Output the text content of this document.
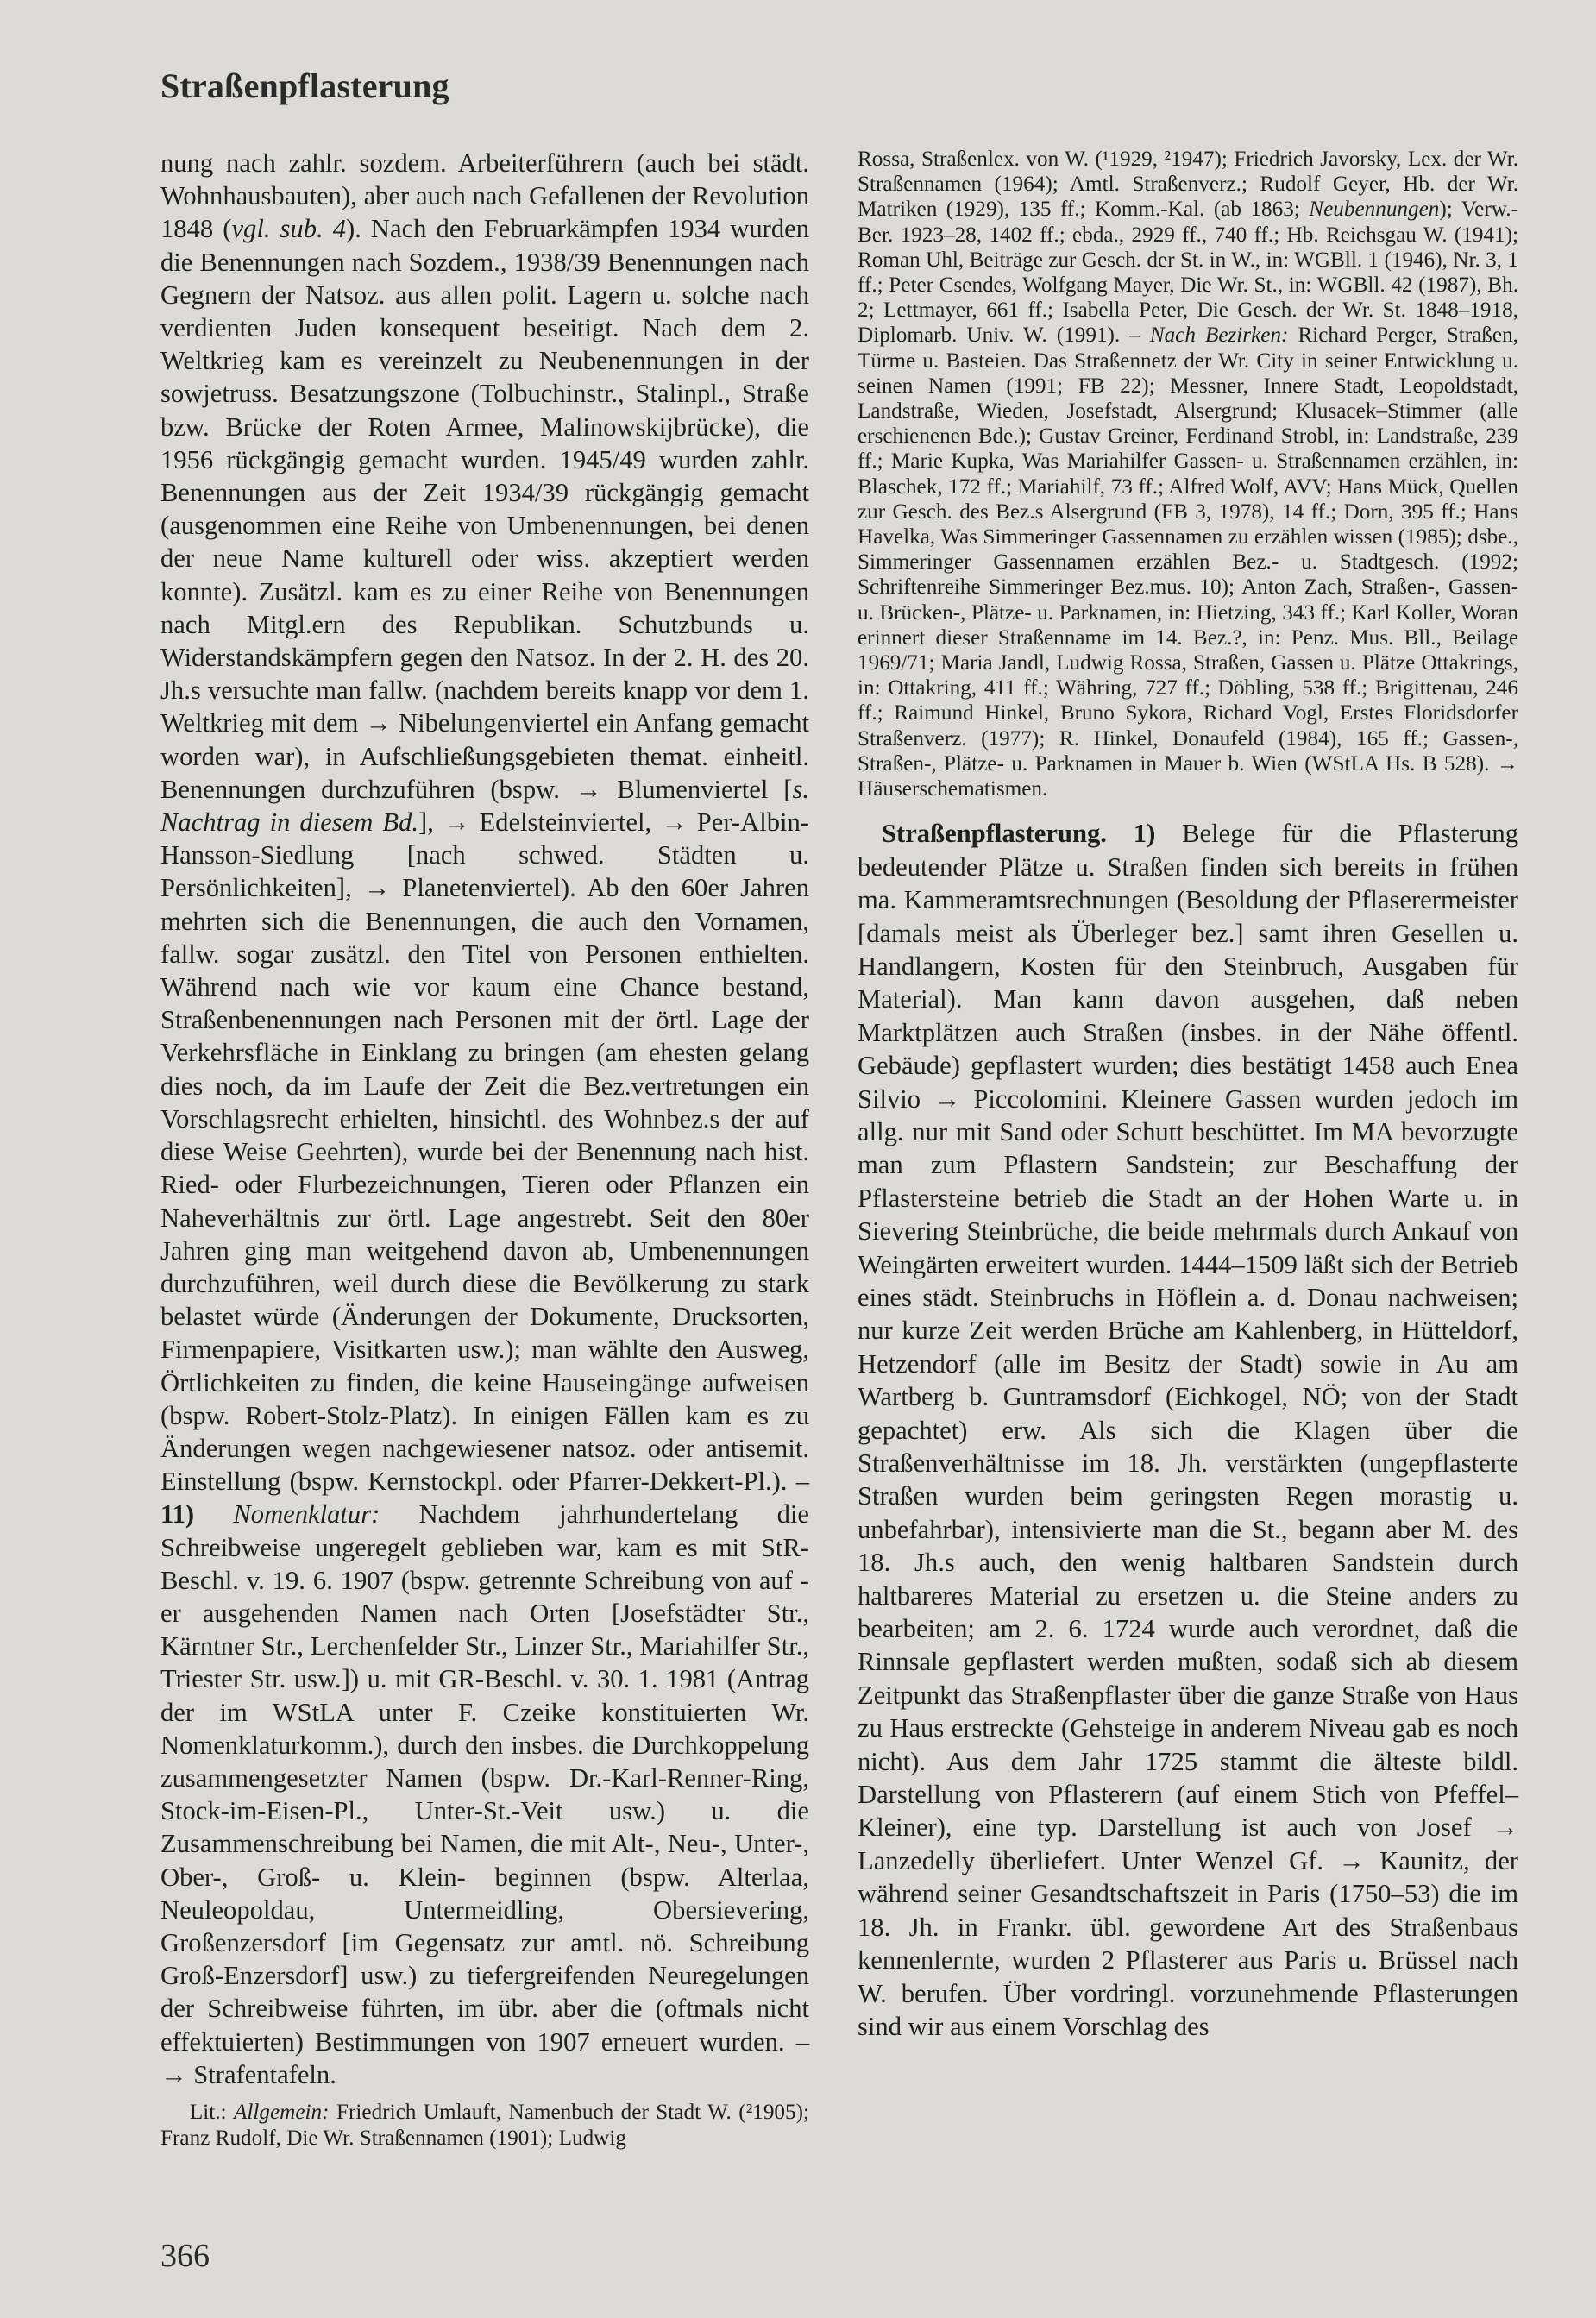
Straßenpflasterung

nung nach zahlr. sozdem. Arbeiterführern (auch bei städt. Wohnhausbauten), aber auch nach Gefallenen der Revolution 1848 (vgl. sub. 4). Nach den Februarkämpfen 1934 wurden die Benennungen nach Sozdem., 1938/39 Benennungen nach Gegnern der Natsoz. aus allen polit. Lagern u. solche nach verdienten Juden konsequent beseitigt. Nach dem 2. Weltkrieg kam es vereinzelt zu Neubenennungen in der sowjetruss. Besatzungszone (Tolbuchinstr., Stalinpl., Straße bzw. Brücke der Roten Armee, Malinowskijbrücke), die 1956 rückgängig gemacht wurden. 1945/49 wurden zahlr. Benennungen aus der Zeit 1934/39 rückgängig gemacht (ausgenommen eine Reihe von Umbenennungen, bei denen der neue Name kulturell oder wiss. akzeptiert werden konnte). Zusätzl. kam es zu einer Reihe von Benennungen nach Mitgl.ern des Republikan. Schutzbunds u. Widerstandskämpfern gegen den Natsoz. In der 2. H. des 20. Jh.s versuchte man fallw. (nachdem bereits knapp vor dem 1. Weltkrieg mit dem → Nibelungenviertel ein Anfang gemacht worden war), in Aufschließungsgebieten themat. einheitl. Benennungen durchzuführen (bspw. → Blumenviertel [s. Nachtrag in diesem Bd.], → Edelsteinviertel, → Per-Albin-Hansson-Siedlung [nach schwed. Städten u. Persönlichkeiten], → Planetenviertel). Ab den 60er Jahren mehrten sich die Benennungen, die auch den Vornamen, fallw. sogar zusätzl. den Titel von Personen enthielten. Während nach wie vor kaum eine Chance bestand, Straßenbenennungen nach Personen mit der örtl. Lage der Verkehrsfläche in Einklang zu bringen (am ehesten gelang dies noch, da im Laufe der Zeit die Bez.vertretungen ein Vorschlagsrecht erhielten, hinsichtl. des Wohnbez.s der auf diese Weise Geehrten), wurde bei der Benennung nach hist. Ried- oder Flurbezeichnungen, Tieren oder Pflanzen ein Naheverhältnis zur örtl. Lage angestrebt. Seit den 80er Jahren ging man weitgehend davon ab, Umbenennungen durchzuführen, weil durch diese die Bevölkerung zu stark belastet würde (Änderungen der Dokumente, Drucksorten, Firmenpapiere, Visitkarten usw.); man wählte den Ausweg, Örtlichkeiten zu finden, die keine Hauseingänge aufweisen (bspw. Robert-Stolz-Platz). In einigen Fällen kam es zu Änderungen wegen nachgewiesener natsoz. oder antisemit. Einstellung (bspw. Kernstockpl. oder Pfarrer-Dekkert-Pl.). – 11) Nomenklatur: Nachdem jahrhundertelang die Schreibweise ungeregelt geblieben war, kam es mit StR-Beschl. v. 19. 6. 1907 (bspw. getrennte Schreibung von auf -er ausgehenden Namen nach Orten [Josefstädter Str., Kärntner Str., Lerchenfelder Str., Linzer Str., Mariahilfer Str., Triester Str. usw.]) u. mit GR-Beschl. v. 30. 1. 1981 (Antrag der im WStLA unter F. Czeike konstituierten Wr. Nomenklaturkomm.), durch den insbes. die Durchkoppelung zusammengesetzter Namen (bspw. Dr.-Karl-Renner-Ring, Stock-im-Eisen-Pl., Unter-St.-Veit usw.) u. die Zusammenschreibung bei Namen, die mit Alt-, Neu-, Unter-, Ober-, Groß- u. Klein- beginnen (bspw. Alterlaa, Neuleopoldau, Untermeidling, Obersievering, Großenzersdorf [im Gegensatz zur amtl. nö. Schreibung Groß-Enzersdorf] usw.) zu tiefergreifenden Neuregelungen der Schreibweise führten, im übr. aber die (oftmals nicht effektuierten) Bestimmungen von 1907 erneuert wurden. – → Strafentafeln.

Lit.: Allgemein: Friedrich Umlauft, Namenbuch der Stadt W. (²1905); Franz Rudolf, Die Wr. Straßennamen (1901); Ludwig

Rossa, Straßenlex. von W. (¹1929, ²1947); Friedrich Javorsky, Lex. der Wr. Straßennamen (1964); Amtl. Straßenverz.; Rudolf Geyer, Hb. der Wr. Matriken (1929), 135 ff.; Komm.-Kal. (ab 1863; Neubennungen); Verw.-Ber. 1923–28, 1402 ff.; ebda., 2929 ff., 740 ff.; Hb. Reichsgau W. (1941); Roman Uhl, Beiträge zur Gesch. der St. in W., in: WGBll. 1 (1946), Nr. 3, 1 ff.; Peter Csendes, Wolfgang Mayer, Die Wr. St., in: WGBll. 42 (1987), Bh. 2; Lettmayer, 661 ff.; Isabella Peter, Die Gesch. der Wr. St. 1848–1918, Diplomarb. Univ. W. (1991). – Nach Bezirken: Richard Perger, Straßen, Türme u. Basteien. Das Straßennetz der Wr. City in seiner Entwicklung u. seinen Namen (1991; FB 22); Messner, Innere Stadt, Leopoldstadt, Landstraße, Wieden, Josefstadt, Alsergrund; Klusacek–Stimmer (alle erschienenen Bde.); Gustav Greiner, Ferdinand Strobl, in: Landstraße, 239 ff.; Marie Kupka, Was Mariahilfer Gassen- u. Straßennamen erzählen, in: Blaschek, 172 ff.; Mariahilf, 73 ff.; Alfred Wolf, AVV; Hans Mück, Quellen zur Gesch. des Bez.s Alsergrund (FB 3, 1978), 14 ff.; Dorn, 395 ff.; Hans Havelka, Was Simmeringer Gassennamen zu erzählen wissen (1985); dsbe., Simmeringer Gassennamen erzählen Bez.- u. Stadtgesch. (1992; Schriftenreihe Simmeringer Bez.mus. 10); Anton Zach, Straßen-, Gassen- u. Brücken-, Plätze- u. Parknamen, in: Hietzing, 343 ff.; Karl Koller, Woran erinnert dieser Straßenname im 14. Bez.?, in: Penz. Mus. Bll., Beilage 1969/71; Maria Jandl, Ludwig Rossa, Straßen, Gassen u. Plätze Ottakrings, in: Ottakring, 411 ff.; Währing, 727 ff.; Döbling, 538 ff.; Brigittenau, 246 ff.; Raimund Hinkel, Bruno Sykora, Richard Vogl, Erstes Floridsdorfer Straßenverz. (1977); R. Hinkel, Donaufeld (1984), 165 ff.; Gassen-, Straßen-, Plätze- u. Parknamen in Mauer b. Wien (WStLA Hs. B 528). → Häuserschematismen.

Straßenpflasterung. 1) Belege für die Pflasterung bedeutender Plätze u. Straßen finden sich bereits in frühen ma. Kammeramtsrechnungen (Besoldung der Pflaserermeister [damals meist als Überleger bez.] samt ihren Gesellen u. Handlangern, Kosten für den Steinbruch, Ausgaben für Material). Man kann davon ausgehen, daß neben Marktplätzen auch Straßen (insbes. in der Nähe öffentl. Gebäude) gepflastert wurden; dies bestätigt 1458 auch Enea Silvio → Piccolomini. Kleinere Gassen wurden jedoch im allg. nur mit Sand oder Schutt beschüttet. Im MA bevorzugte man zum Pflastern Sandstein; zur Beschaffung der Pflastersteine betrieb die Stadt an der Hohen Warte u. in Sievering Steinbrüche, die beide mehrmals durch Ankauf von Weingärten erweitert wurden. 1444–1509 läßt sich der Betrieb eines städt. Steinbruchs in Höflein a. d. Donau nachweisen; nur kurze Zeit werden Brüche am Kahlenberg, in Hütteldorf, Hetzendorf (alle im Besitz der Stadt) sowie in Au am Wartberg b. Guntramsdorf (Eichkogel, NÖ; von der Stadt gepachtet) erw. Als sich die Klagen über die Straßenverhältnisse im 18. Jh. verstärkten (ungepflasterte Straßen wurden beim geringsten Regen morastig u. unbefahrbar), intensivierte man die St., begann aber M. des 18. Jh.s auch, den wenig haltbaren Sandstein durch haltbareres Material zu ersetzen u. die Steine anders zu bearbeiten; am 2. 6. 1724 wurde auch verordnet, daß die Rinnsale gepflastert werden mußten, sodaß sich ab diesem Zeitpunkt das Straßenpflaster über die ganze Straße von Haus zu Haus erstreckte (Gehsteige in anderem Niveau gab es noch nicht). Aus dem Jahr 1725 stammt die älteste bildl. Darstellung von Pflasterern (auf einem Stich von Pfeffel–Kleiner), eine typ. Darstellung ist auch von Josef → Lanzedelly überliefert. Unter Wenzel Gf. → Kaunitz, der während seiner Gesandtschaftszeit in Paris (1750–53) die im 18. Jh. in Frankr. übl. gewordene Art des Straßenbaus kennenlernte, wurden 2 Pflasterer aus Paris u. Brüssel nach W. berufen. Über vordringl. vorzunehmende Pflasterungen sind wir aus einem Vorschlag des

366
